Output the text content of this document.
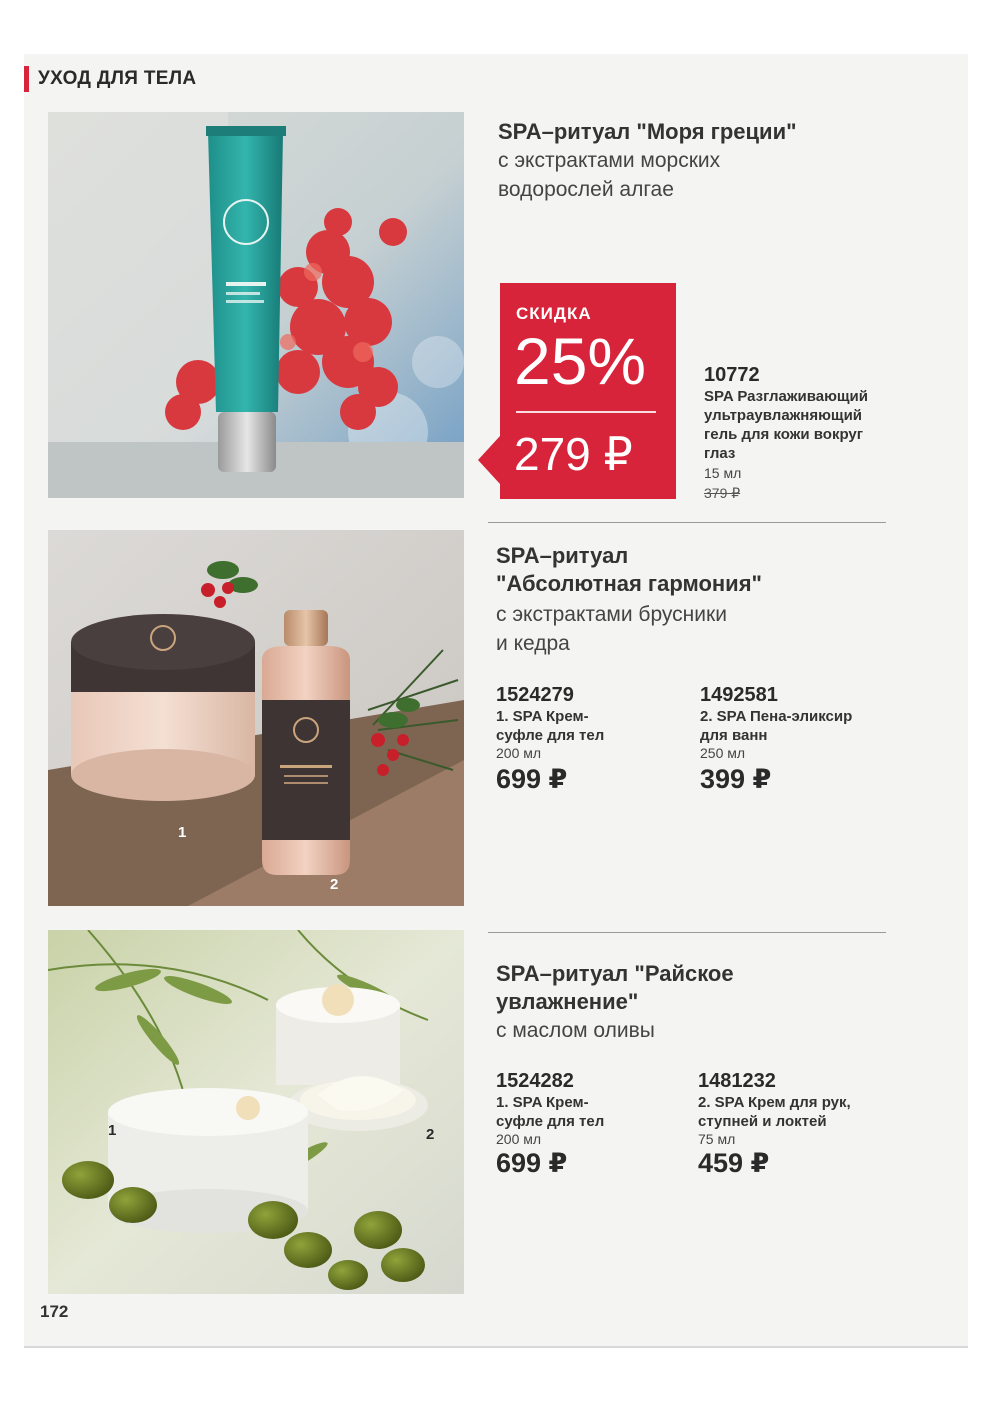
УХОД ДЛЯ ТЕЛА
SPA–ритуал "Моря греции"
с экстрактами морских
водорослей алгае
СКИДКА
25%
279 ₽
10772
SPA Разглаживающий
ультраувлажняющий
гель для кожи вокруг
глаз
15 мл
379 ₽
1
2
SPA–ритуал
"Абсолютная гармония"
с экстрактами брусники
и кедра
1524279
1. SPA Крем-
суфле для тел
200 мл
699 ₽
1492581
2. SPA Пена-эликсир
для ванн
250 мл
399 ₽
1	2
SPA–ритуал "Райское
увлажнение"
с маслом оливы
1524282
1. SPA Крем-
суфле для тел
200 мл
699 ₽
1481232
2. SPA Крем для рук,
ступней и локтей
75 мл
459 ₽
172
